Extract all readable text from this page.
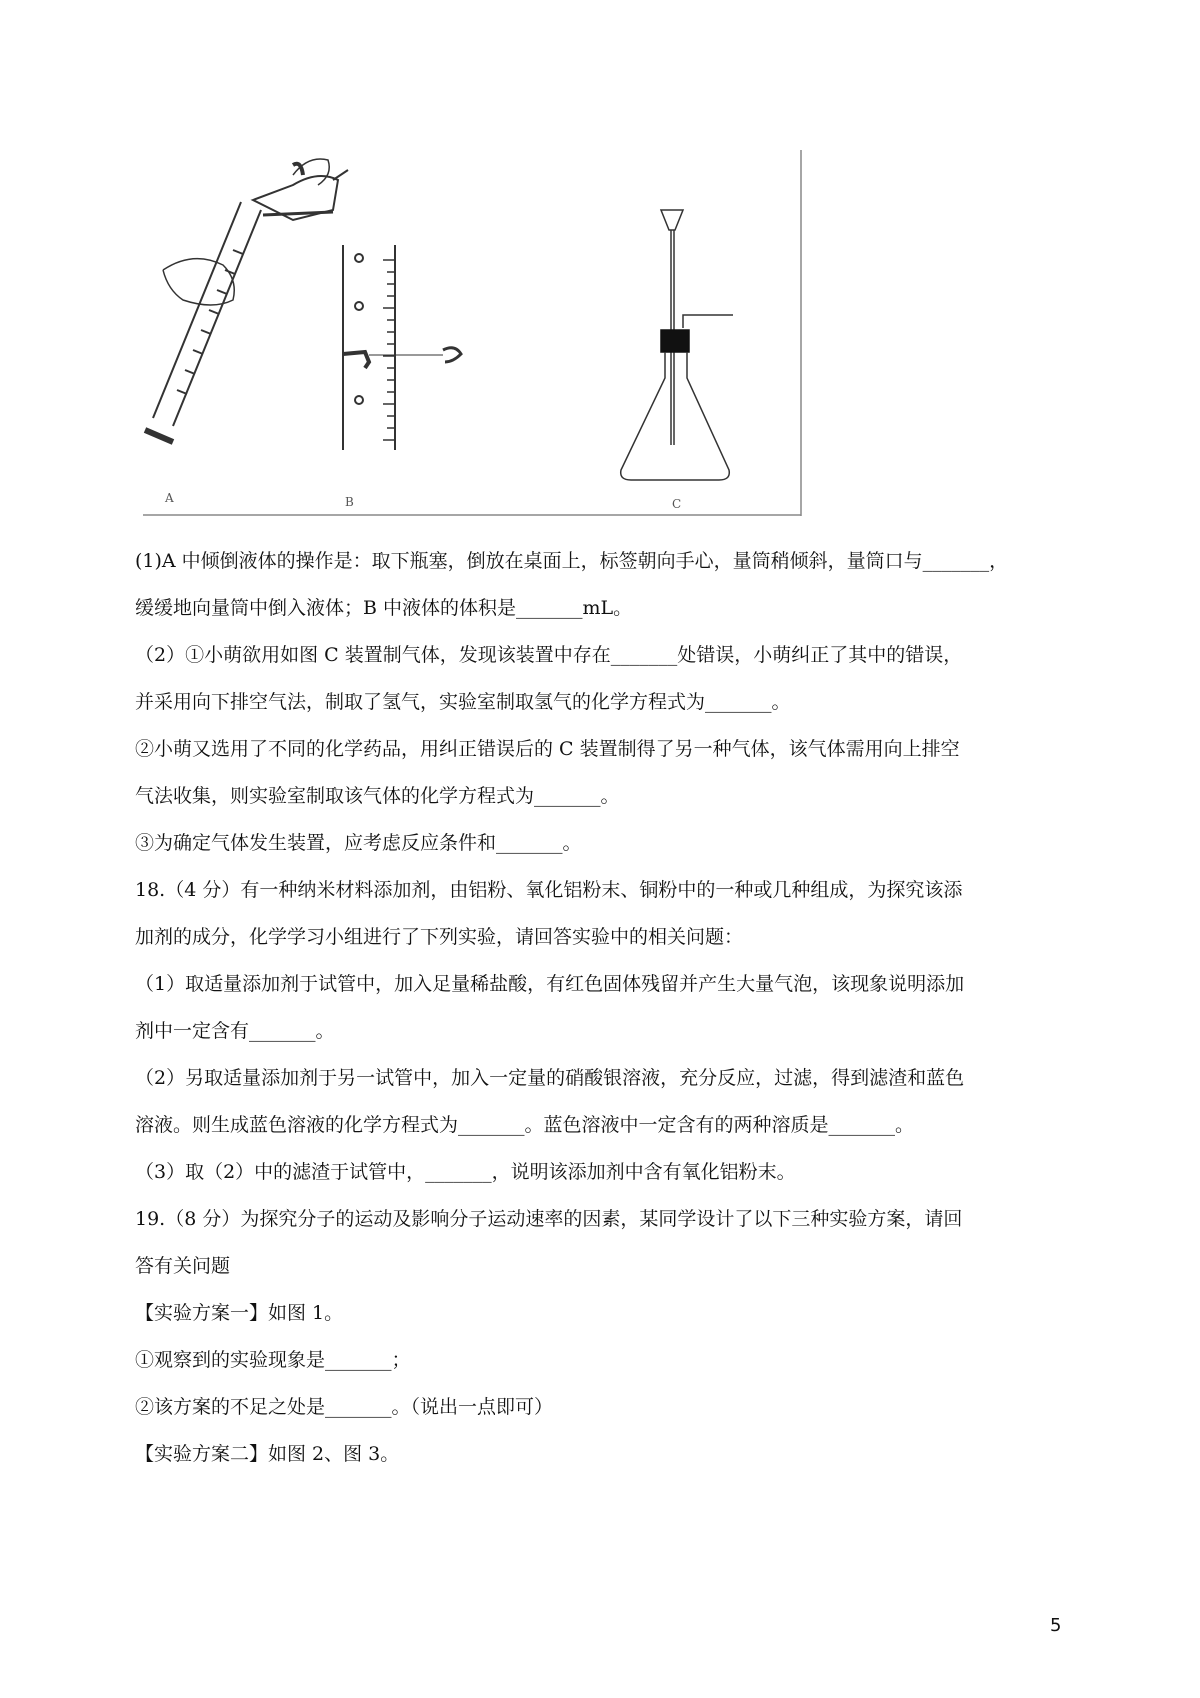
A	B	C
(1)A 中倾倒液体的操作是：取下瓶塞，倒放在桌面上，标签朝向手心，量筒稍倾斜，量筒口与_______，
缓缓地向量筒中倒入液体；B 中液体的体积是_______mL。
（2）①小萌欲用如图 C 装置制气体，发现该装置中存在_______处错误，小萌纠正了其中的错误，
并采用向下排空气法，制取了氢气，实验室制取氢气的化学方程式为_______。
②小萌又选用了不同的化学药品，用纠正错误后的 C 装置制得了另一种气体，该气体需用向上排空
气法收集，则实验室制取该气体的化学方程式为_______。
③为确定气体发生装置，应考虑反应条件和_______。
18.（4 分）有一种纳米材料添加剂，由铝粉、氧化铝粉末、铜粉中的一种或几种组成，为探究该添
加剂的成分，化学学习小组进行了下列实验，请回答实验中的相关问题：
（1）取适量添加剂于试管中，加入足量稀盐酸，有红色固体残留并产生大量气泡，该现象说明添加
剂中一定含有_______。
（2）另取适量添加剂于另一试管中，加入一定量的硝酸银溶液，充分反应，过滤，得到滤渣和蓝色
溶液。则生成蓝色溶液的化学方程式为_______。蓝色溶液中一定含有的两种溶质是_______。
（3）取（2）中的滤渣于试管中，_______，说明该添加剂中含有氧化铝粉末。
19.（8 分）为探究分子的运动及影响分子运动速率的因素，某同学设计了以下三种实验方案，请回
答有关问题
【实验方案一】如图 1。
①观察到的实验现象是_______；
②该方案的不足之处是_______。（说出一点即可）
【实验方案二】如图 2、图 3。
5
